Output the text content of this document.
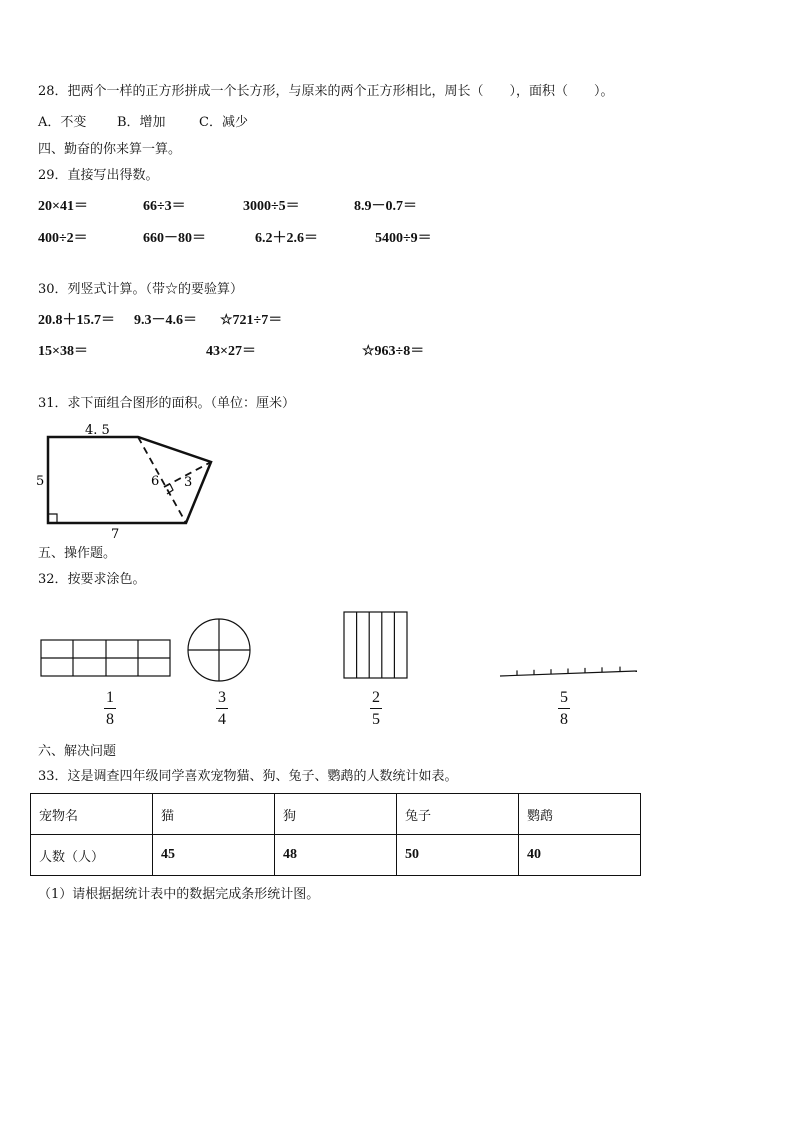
28．把两个一样的正方形拼成一个长方形，与原来的两个正方形相比，周长（　　），面积（　　）。
A．不变 B．增加	C．减少
四、勤奋的你来算一算。
29．直接写出得数。
20×41＝	66÷3＝	3000÷5＝	8.9－0.7＝
400÷2＝	660－80＝	6.2＋2.6＝	5400÷9＝
30．列竖式计算。（带☆的要验算）
20.8＋15.7＝ 9.3－4.6＝ ☆721÷7＝
15×38＝	43×27＝	☆963÷8＝
31．求下面组合图形的面积。（单位：厘米）
4. 5
5
7
6 3
五、操作题。
32．按要求涂色。
1
8
3
4
2
5
5
8
六、解决问题
33．这是调查四年级同学喜欢宠物猫、狗、兔子、鹦鹉的人数统计如表。
宠物名	猫	狗	兔子	鹦鹉
人数（人）	45	48	50	40
（1）请根据据统计表中的数据完成条形统计图。
